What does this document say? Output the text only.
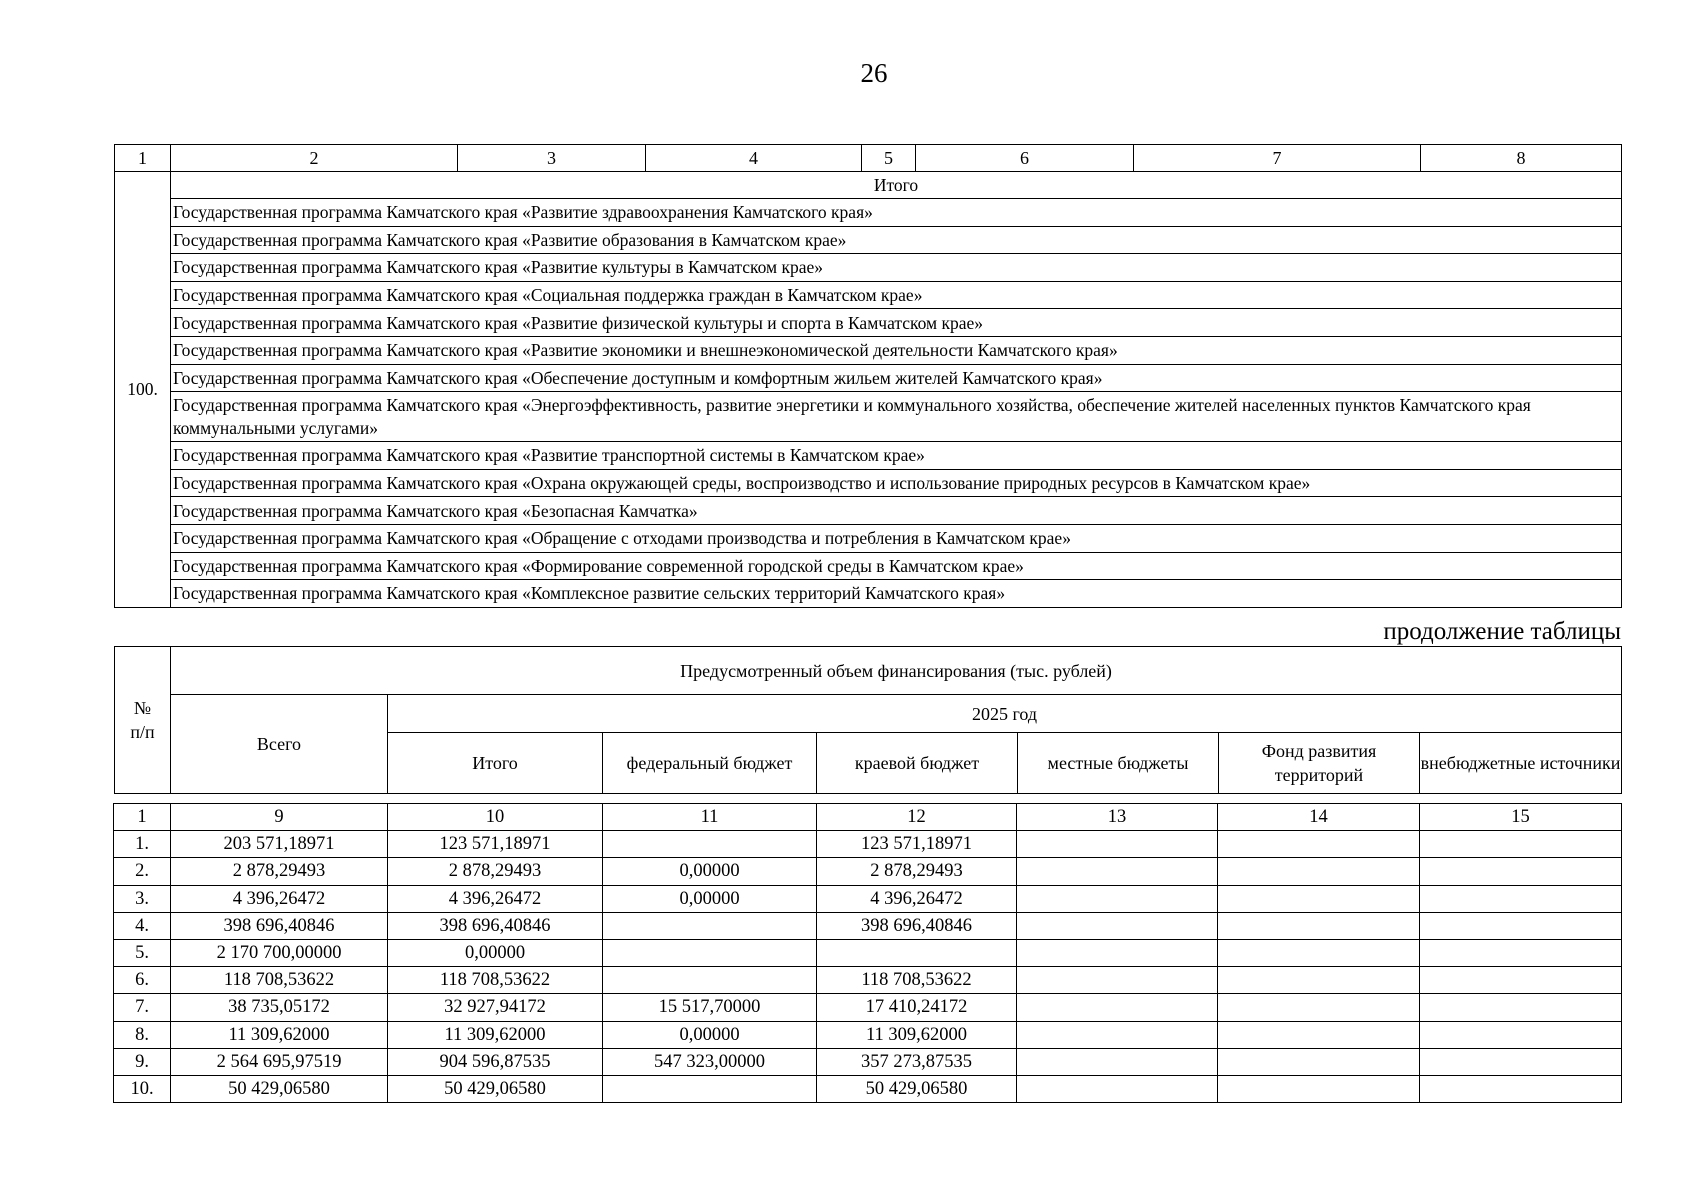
26
1	2	3	4	5	6	7	8
100.	Итого						
	Государственная программа Камчатского края «Развитие здравоохранения Камчатского края»						
	Государственная программа Камчатского края «Развитие образования в Камчатском крае»						
	Государственная программа Камчатского края «Развитие культуры в Камчатском крае»						
	Государственная программа Камчатского края «Социальная поддержка граждан в Камчатском крае»						
	Государственная программа Камчатского края «Развитие физической культуры и спорта в Камчатском крае»						
	Государственная программа Камчатского края «Развитие экономики и внешнеэкономической деятельности Камчатского края»						
	Государственная программа Камчатского края «Обеспечение доступным и комфортным жильем жителей Камчатского края»						
	Государственная программа Камчатского края «Энергоэффективность, развитие энергетики и коммунального хозяйства, обеспечение жителей населенных пунктов Камчатского края коммунальными услугами»						
	Государственная программа Камчатского края «Развитие транспортной системы в Камчатском крае»						
	Государственная программа Камчатского края «Охрана окружающей среды, воспроизводство и использование природных ресурсов в Камчатском крае»						
	Государственная программа Камчатского края «Безопасная Камчатка»						
	Государственная программа Камчатского края «Обращение с отходами производства и потребления в Камчатском крае»						
	Государственная программа Камчатского края «Формирование современной городской среды в Камчатском крае»						
	Государственная программа Камчатского края «Комплексное развитие сельских территорий Камчатского края»						
продолжение таблицы
№ п/п	Предусмотренный объем финансирования (тыс. рублей)						
	Всего	2025 год					
		Итого	федеральный бюджет	краевой бюджет	местные бюджеты	Фонд развития территорий	внебюджетные источники
1	9	10	11	12	13	14	15
1.	203 571,18971	123 571,18971		123 571,18971			
2.	2 878,29493	2 878,29493	0,00000	2 878,29493			
3.	4 396,26472	4 396,26472	0,00000	4 396,26472			
4.	398 696,40846	398 696,40846		398 696,40846			
5.	2 170 700,00000	0,00000					
6.	118 708,53622	118 708,53622		118 708,53622			
7.	38 735,05172	32 927,94172	15 517,70000	17 410,24172			
8.	11 309,62000	11 309,62000	0,00000	11 309,62000			
9.	2 564 695,97519	904 596,87535	547 323,00000	357 273,87535			
10.	50 429,06580	50 429,06580		50 429,06580			
